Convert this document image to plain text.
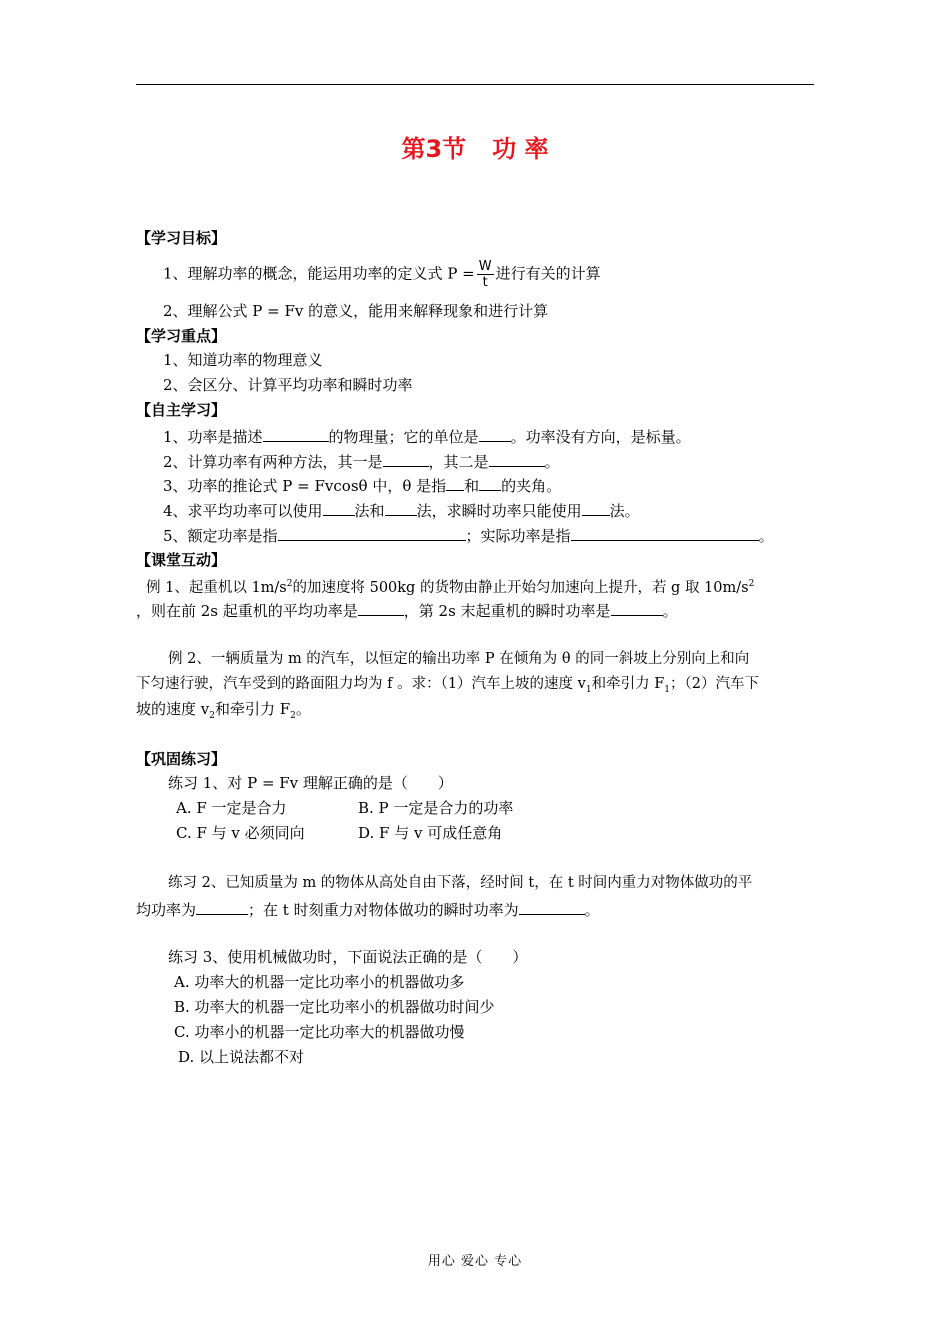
第3节 功 率
【学习目标】
1、理解功率的概念，能运用功率的定义式 $P = \frac{W}{t}$ 进行有关的计算
2、理解公式 P = Fv 的意义，能用来解释现象和进行计算
【学习重点】
1、知道功率的物理意义
2、会区分、计算平均功率和瞬时功率
【自主学习】
1、功率是描述	的物理量；它的单位是 。功率没有方向，是标量。
2、计算功率有两种方法，其一是	，其二是	。
3、功率的推论式 P = Fvcosθ 中，θ 是指 和 的夹角。
4、求平均功率可以使用 法和 法，求瞬时功率只能使用 法。
5、额定功率是指	；实际功率是指	。
【课堂互动】
例 1、起重机以 $1m/s^2$的加速度将 500kg 的货物由静止开始匀加速向上提升，若 g 取 $10m/s^2$
，则在前 2s 起重机的平均功率是	，第 2s 末起重机的瞬时功率是	。
例 2、一辆质量为 m 的汽车，以恒定的输出功率 P 在倾角为 θ 的同一斜坡上分别向上和向
下匀速行驶，汽车受到的路面阻力均为 f 。求：（1）汽车上坡的速度 $v_1$和牵引力 $F_1$；（2）汽车下
坡的速度 $v_2$和牵引力 $F_2$。
【巩固练习】
练习 1、对 P = Fv 理解正确的是（　　）
A. F 一定是合力	B. P 一定是合力的功率
C. F 与 v 必须同向	D. F 与 v 可成任意角
练习 2、已知质量为 m 的物体从高处自由下落，经时间 t，在 t 时间内重力对物体做功的平
均功率为	；在 t 时刻重力对物体做功的瞬时功率为	。
练习 3、使用机械做功时，下面说法正确的是（　　）
A. 功率大的机器一定比功率小的机器做功多
B. 功率大的机器一定比功率小的机器做功时间少
C. 功率小的机器一定比功率大的机器做功慢
D. 以上说法都不对
用心 爱心 专心
